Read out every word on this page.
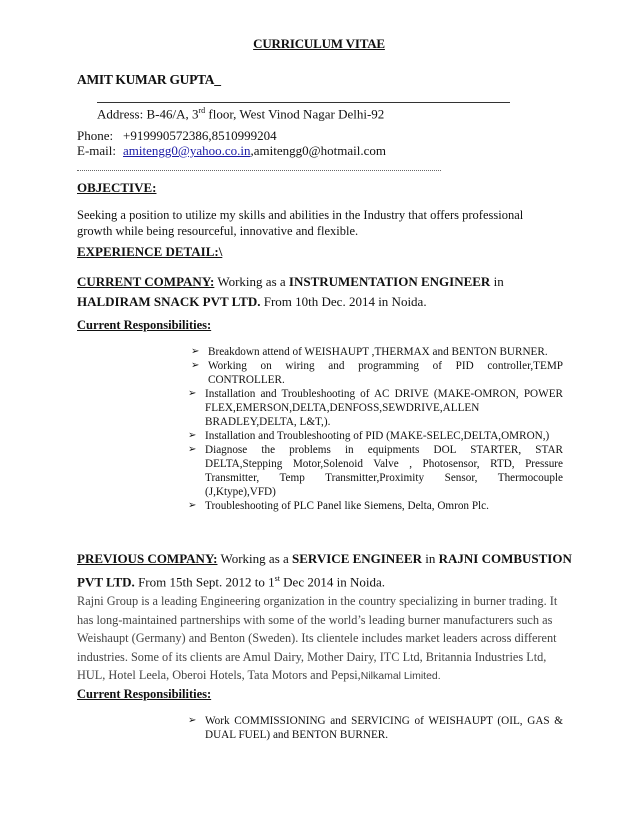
CURRICULUM VITAE
AMIT KUMAR GUPTA_
Address: B-46/A, 3rd floor, West Vinod Nagar Delhi-92
Phone: +919990572386,8510999204
E-mail: amitengg0@yahoo.co.in,amitengg0@hotmail.com
OBJECTIVE:
Seeking a position to utilize my skills and abilities in the Industry that offers professional growth while being resourceful, innovative and flexible.
EXPERIENCE DETAIL:\
CURRENT COMPANY: Working as a INSTRUMENTATION ENGINEER in HALDIRAM SNACK PVT LTD. From 10th Dec. 2014 in Noida.
Current Responsibilities:
➢ Breakdown attend of WEISHAUPT ,THERMAX and BENTON BURNER.
➢ Working on wiring and programming of PID controller,TEMP CONTROLLER.
➢ Installation and Troubleshooting of AC DRIVE (MAKE-OMRON, POWER FLEX,EMERSON,DELTA,DENFOSS,SEWDRIVE,ALLEN BRADLEY,DELTA, L&T,).
➢ Installation and Troubleshooting of PID (MAKE-SELEC,DELTA,OMRON,)
➢ Diagnose the problems in equipments DOL STARTER, STAR DELTA,Stepping Motor,Solenoid Valve , Photosensor, RTD, Pressure Transmitter, Temp Transmitter,Proximity Sensor, Thermocouple (J,Ktype),VFD)
➢ Troubleshooting of PLC Panel like Siemens, Delta, Omron Plc.
PREVIOUS COMPANY: Working as a SERVICE ENGINEER in RAJNI COMBUSTION PVT LTD. From 15th Sept. 2012 to 1st Dec 2014 in Noida.
Rajni Group is a leading Engineering organization in the country specializing in burner trading. It has long-maintained partnerships with some of the world’s leading burner manufacturers such as Weishaupt (Germany) and Benton (Sweden). Its clientele includes market leaders across different industries. Some of its clients are Amul Dairy, Mother Dairy, ITC Ltd, Britannia Industries Ltd, HUL, Hotel Leela, Oberoi Hotels, Tata Motors and Pepsi,Nilkamal Limited.
Current Responsibilities:
➢ Work COMMISSIONING and SERVICING of WEISHAUPT (OIL, GAS & DUAL FUEL) and BENTON BURNER.
